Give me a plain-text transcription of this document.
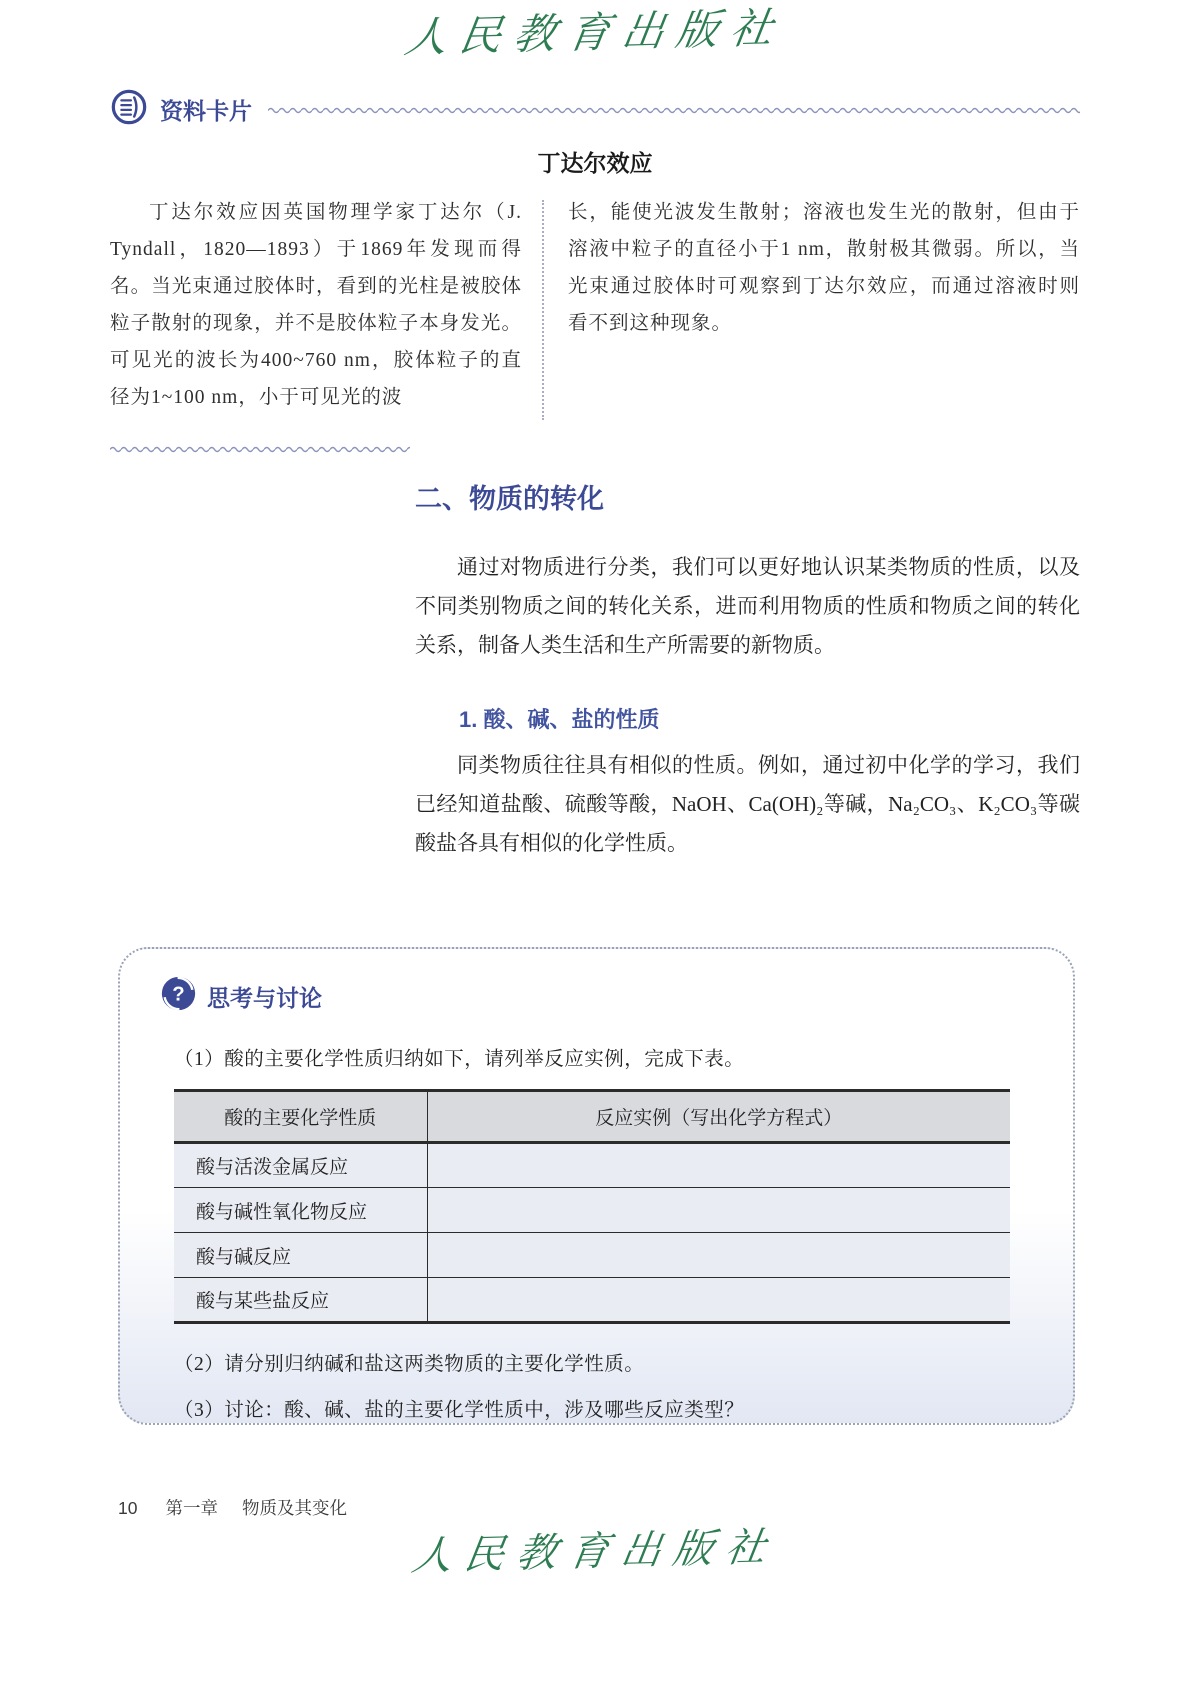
人民教育出版社
资料卡片
丁达尔效应
丁达尔效应因英国物理学家丁达尔（J. Tyndall，1820—1893）于1869年发现而得名。当光束通过胶体时，看到的光柱是被胶体粒子散射的现象，并不是胶体粒子本身发光。可见光的波长为400~760 nm，胶体粒子的直径为1~100 nm，小于可见光的波
长，能使光波发生散射；溶液也发生光的散射，但由于溶液中粒子的直径小于1 nm，散射极其微弱。所以，当光束通过胶体时可观察到丁达尔效应，而通过溶液时则看不到这种现象。
二、物质的转化

通过对物质进行分类，我们可以更好地认识某类物质的性质，以及不同类别物质之间的转化关系，进而利用物质的性质和物质之间的转化关系，制备人类生活和生产所需要的新物质。

1. 酸、碱、盐的性质

同类物质往往具有相似的性质。例如，通过初中化学的学习，我们已经知道盐酸、硫酸等酸，NaOH、Ca(OH)₂等碱，Na₂CO₃、K₂CO₃等碳酸盐各具有相似的化学性质。

? 思考与讨论
（1）酸的主要化学性质归纳如下，请列举反应实例，完成下表。
酸的主要化学性质	反应实例（写出化学方程式）
酸与活泼金属反应	
酸与碱性氧化物反应	
酸与碱反应	
酸与某些盐反应	
（2）请分别归纳碱和盐这两类物质的主要化学性质。
（3）讨论：酸、碱、盐的主要化学性质中，涉及哪些反应类型？
10 第一章 物质及其变化
人民教育出版社
